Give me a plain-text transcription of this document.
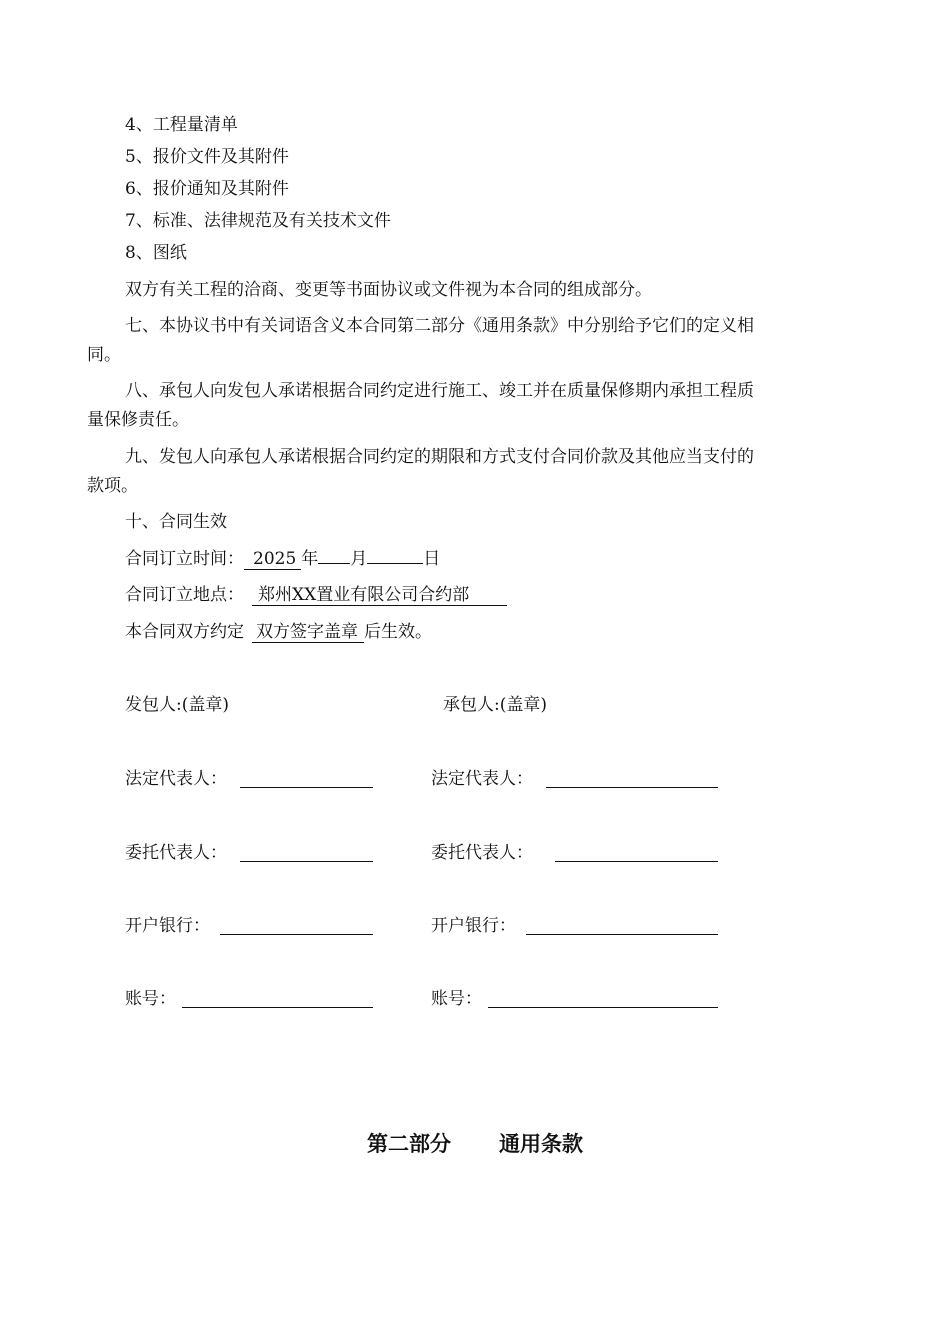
4、工程量清单
5、报价文件及其附件
6、报价通知及其附件
7、标准、法律规范及有关技术文件
8、图纸
双方有关工程的洽商、变更等书面协议或文件视为本合同的组成部分。
七、本协议书中有关词语含义本合同第二部分《通用条款》中分别给予它们的定义相
同。
八、承包人向发包人承诺根据合同约定进行施工、竣工并在质量保修期内承担工程质
量保修责任。
九、发包人向承包人承诺根据合同约定的期限和方式支付合同价款及其他应当支付的
款项。
十、合同生效
合同订立时间： 2025 年 月	日
合同订立地点： 郑州XX置业有限公司合约部
本合同双方约定 双方签字盖章 后生效。
发包人:(盖章)	承包人:(盖章)
法定代表人：	法定代表人：
委托代表人：	委托代表人：
开户银行：	开户银行：
账号：	账号：
第二部分 通用条款
